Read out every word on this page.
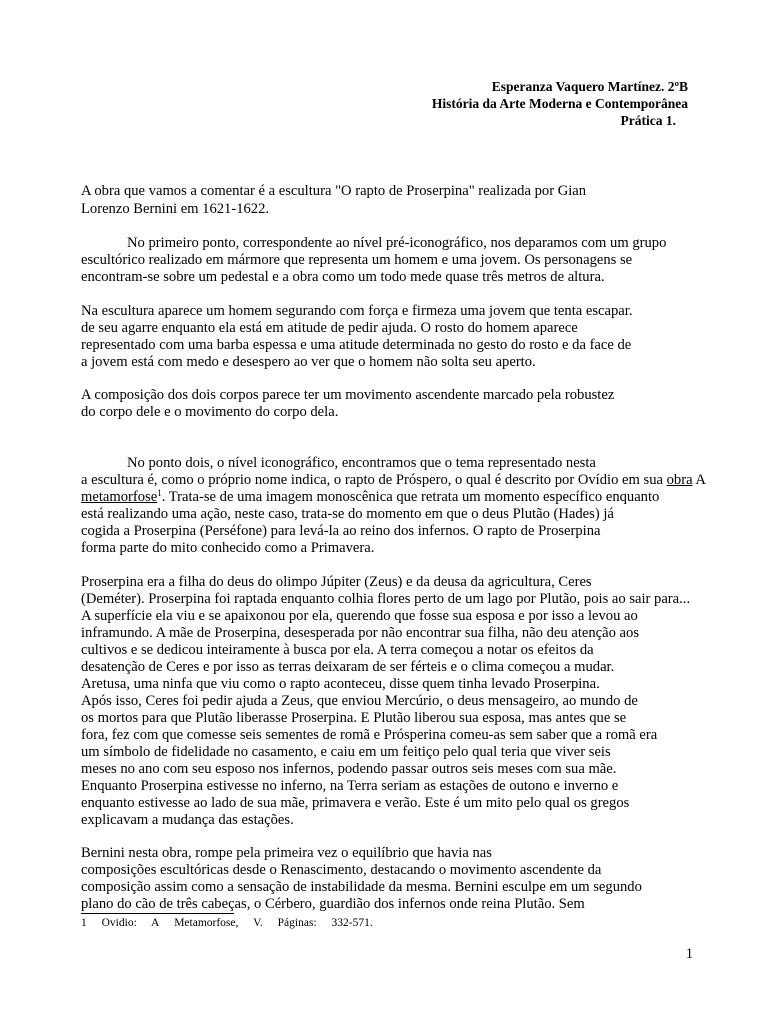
Esperanza Vaquero Martínez. 2ºB
História da Arte Moderna e Contemporânea
Prática 1.
A obra que vamos a comentar é a escultura "O rapto de Proserpina" realizada por Gian
Lorenzo Bernini em 1621-1622.
No primeiro ponto, correspondente ao nível pré-iconográfico, nos deparamos com um grupo
escultórico realizado em mármore que representa um homem e uma jovem. Os personagens se
encontram-se sobre um pedestal e a obra como um todo mede quase três metros de altura.
Na escultura aparece um homem segurando com força e firmeza uma jovem que tenta escapar.
de seu agarre enquanto ela está em atitude de pedir ajuda. O rosto do homem aparece
representado com uma barba espessa e uma atitude determinada no gesto do rosto e da face de
a jovem está com medo e desespero ao ver que o homem não solta seu aperto.
A composição dos dois corpos parece ter um movimento ascendente marcado pela robustez
do corpo dele e o movimento do corpo dela.
No ponto dois, o nível iconográfico, encontramos que o tema representado nesta
a escultura é, como o próprio nome indica, o rapto de Próspero, o qual é descrito por Ovídio em sua obra A
metamorfose$^1$. Trata-se de uma imagem monoscênica que retrata um momento específico enquanto
está realizando uma ação, neste caso, trata-se do momento em que o deus Plutão (Hades) já
cogida a Proserpina (Perséfone) para levá-la ao reino dos infernos. O rapto de Proserpina
forma parte do mito conhecido como a Primavera.
Proserpina era a filha do deus do olimpo Júpiter (Zeus) e da deusa da agricultura, Ceres
(Deméter). Proserpina foi raptada enquanto colhia flores perto de um lago por Plutão, pois ao sair para...
A superfície ela viu e se apaixonou por ela, querendo que fosse sua esposa e por isso a levou ao
inframundo. A mãe de Proserpina, desesperada por não encontrar sua filha, não deu atenção aos
cultivos e se dedicou inteiramente à busca por ela. A terra começou a notar os efeitos da
desatenção de Ceres e por isso as terras deixaram de ser férteis e o clima começou a mudar.
Aretusa, uma ninfa que viu como o rapto aconteceu, disse quem tinha levado Proserpina.
Após isso, Ceres foi pedir ajuda a Zeus, que enviou Mercúrio, o deus mensageiro, ao mundo de
os mortos para que Plutão liberasse Proserpina. E Plutão liberou sua esposa, mas antes que se
fora, fez com que comesse seis sementes de romã e Prósperina comeu-as sem saber que a romã era
um símbolo de fidelidade no casamento, e caiu em um feitiço pelo qual teria que viver seis
meses no ano com seu esposo nos infernos, podendo passar outros seis meses com sua mãe.
Enquanto Proserpina estivesse no inferno, na Terra seriam as estações de outono e inverno e
enquanto estivesse ao lado de sua mãe, primavera e verão. Este é um mito pelo qual os gregos
explicavam a mudança das estações.
Bernini nesta obra, rompe pela primeira vez o equilíbrio que havia nas
composições escultóricas desde o Renascimento, destacando o movimento ascendente da
composição assim como a sensação de instabilidade da mesma. Bernini esculpe em um segundo
plano do cão de três cabeças, o Cérbero, guardião dos infernos onde reina Plutão. Sem
1 Ovidio: A Metamorfose, V. Páginas: 332-571.
1
